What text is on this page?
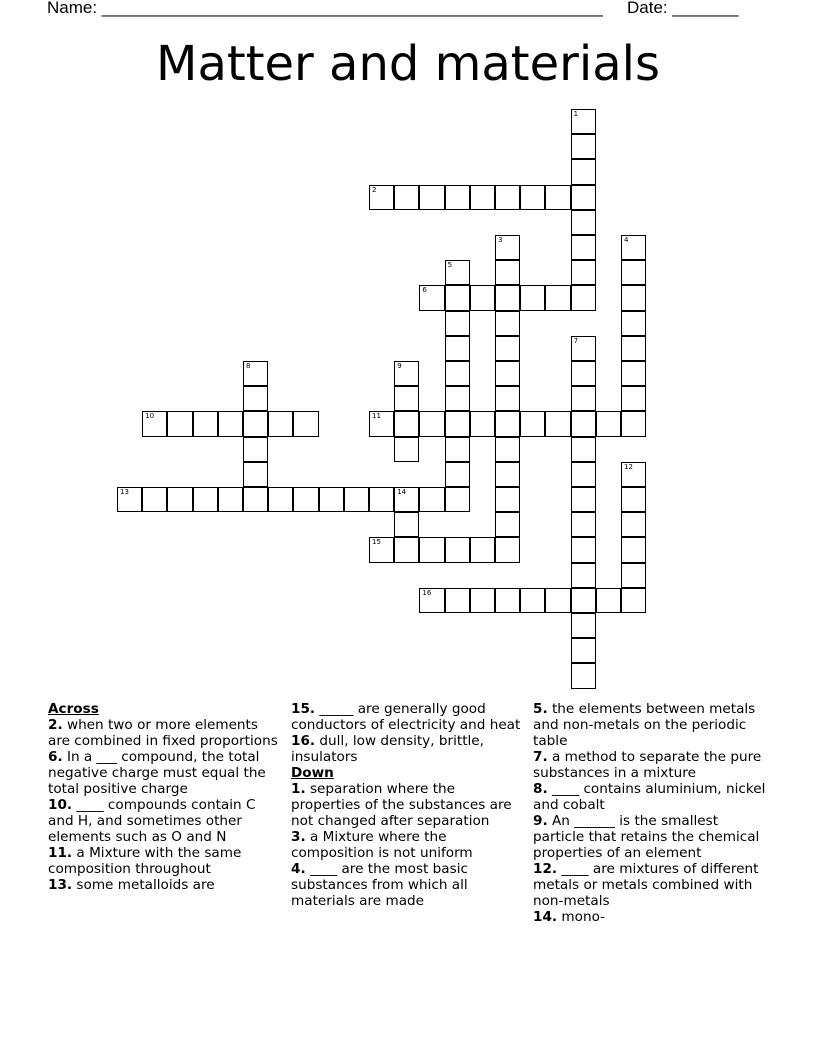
Name: _____________________________________________________ Date: _______
Matter and materials
1
2
3	4
5
6
7
8	9
10	11
12
13	14
15
16

Across

2. when two or more elements are combined in fixed proportions

6. In a ___ compound, the total negative charge must equal the total positive charge

10. ____ compounds contain C and H, and sometimes other elements such as O and N

11. a Mixture with the same composition throughout

13. some metalloids are

15. _____ are generally good conductors of electricity and heat

16. dull, low density, brittle, insulators

Down

1. separation where the properties of the substances are not changed after separation

3. a Mixture where the composition is not uniform

4. ____ are the most basic substances from which all materials are made

5. the elements between metals and non-metals on the periodic table

7. a method to separate the pure substances in a mixture

8. ____ contains aluminium, nickel and cobalt

9. An ______ is the smallest particle that retains the chemical properties of an element

12. ____ are mixtures of different metals or metals combined with non-metals

14. mono-
